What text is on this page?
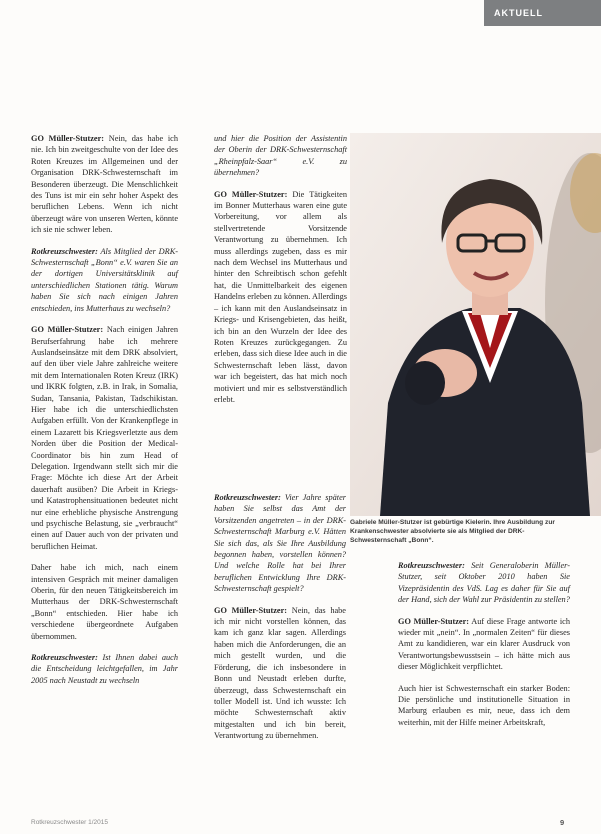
AKTUELL

GO Müller-Stutzer: Nein, das habe ich nie. Ich bin zweitgeschulte von der Idee des Roten Kreuzes im Allgemeinen und der Organisation DRK-Schwesternschaft im Besonderen überzeugt. Die Menschlichkeit des Tuns ist mir ein sehr hoher Aspekt des beruflichen Lebens. Wenn ich nicht überzeugt wäre von unseren Werten, könnte ich sie nie schwer leben.

Rotkreuzschwester: Als Mitglied der DRK-Schwesternschaft „Bonn“ e.V. waren Sie an der dortigen Universitätsklinik auf unterschiedlichen Stationen tätig. Warum haben Sie sich nach einigen Jahren entschieden, ins Mutterhaus zu wechseln?

GO Müller-Stutzer: Nach einigen Jahren Berufserfahrung habe ich mehrere Auslandseinsätze mit dem DRK absolviert, auf den über viele Jahre zahlreiche weitere mit dem Internationalen Roten Kreuz (IRK) und IKRK folgten, z.B. in Irak, in Somalia, Sudan, Tansania, Pakistan, Tadschikistan. Hier habe ich die unterschiedlichsten Aufgaben erfüllt. Von der Krankenpflege in einem Lazarett bis Kriegsverletzte aus dem Norden über die Position der Medical-Coordinator bis hin zum Head of Delegation. Irgendwann stellt sich mir die Frage: Möchte ich diese Art der Arbeit dauerhaft ausüben? Die Arbeit in Kriegs- und Katastrophensituationen bedeutet nicht nur eine erhebliche physische Anstrengung und psychische Belastung, sie „verbraucht“ einen auf Dauer auch von der privaten und beruflichen Heimat.

Daher habe ich mich, nach einem intensiven Gespräch mit meiner damaligen Oberin, für den neuen Tätigkeitsbereich im Mutterhaus der DRK-Schwesternschaft „Bonn“ entschieden. Hier habe ich verschiedene übergeordnete Aufgaben übernommen.

Rotkreuzschwester: Ist Ihnen dabei auch die Entscheidung leichtgefallen, im Jahr 2005 nach Neustadt zu wechseln

und hier die Position der Assistentin der Oberin der DRK-Schwesternschaft „Rheinpfalz-Saar“ e.V. zu übernehmen?

GO Müller-Stutzer: Die Tätigkeiten im Bonner Mutterhaus waren eine gute Vorbereitung, vor allem als stellvertretende Vorsitzende Verantwortung zu übernehmen. Ich muss allerdings zugeben, dass es mir nach dem Wechsel ins Mutterhaus und hinter den Schreibtisch schon gefehlt hat, die Unmittelbarkeit des eigenen Handelns erleben zu können. Allerdings – ich kann mit den Auslandseinsatz in Kriegs- und Krisengebieten, das heißt, ich bin an den Wurzeln der Idee des Roten Kreuzes zurückgegangen. Zu erleben, dass sich diese Idee auch in die Schwesternschaft leben lässt, davon war ich begeistert, das hat mich noch motiviert und mir es selbstverständlich erlebt.

Rotkreuzschwester: Vier Jahre später haben Sie selbst das Amt der Vorsitzenden angetreten – in der DRK-Schwesternschaft Marburg e.V. Hätten Sie sich das, als Sie Ihre Ausbildung begonnen haben, vorstellen können? Und welche Rolle hat bei Ihrer beruflichen Entwicklung Ihre DRK-Schwesternschaft gespielt?

GO Müller-Stutzer: Nein, das habe ich mir nicht vorstellen können, das kam ich ganz klar sagen. Allerdings haben mich die Anforderungen, die an mich gestellt wurden, und die Förderung, die ich insbesondere in Bonn und Neustadt erleben durfte, überzeugt, dass Schwesternschaft ein toller Modell ist. Und ich wusste: Ich möchte Schwesternschaft aktiv mitgestalten und ich bin bereit, Verantwortung zu übernehmen.

Rotkreuzschwester: Seit Generaloberin Müller-Stutzer, seit Oktober 2010 haben Sie Vizepräsidentin des VdS. Lag es daher für Sie auf der Hand, sich der Wahl zur Präsidentin zu stellen?

GO Müller-Stutzer: Auf diese Frage antworte ich wieder mit „nein“. In „normalen Zeiten“ für dieses Amt zu kandidieren, war ein klarer Ausdruck von Verantwortungsbewusstsein – ich hätte mich aus dieser Möglichkeit verpflichtet.

Auch hier ist Schwesternschaft ein starker Boden: Die persönliche und institutionelle Situation in Marburg erlauben es mir, neue, dass ich dem weiterhin, mit der Hilfe meiner Arbeitskraft,

Gabriele Müller-Stutzer ist gebürtige Kielerin. Ihre Ausbildung zur Krankenschwester absolvierte sie als Mitglied der DRK-Schwesternschaft „Bonn“.
Rotkreuzschwester 1/2015	9
